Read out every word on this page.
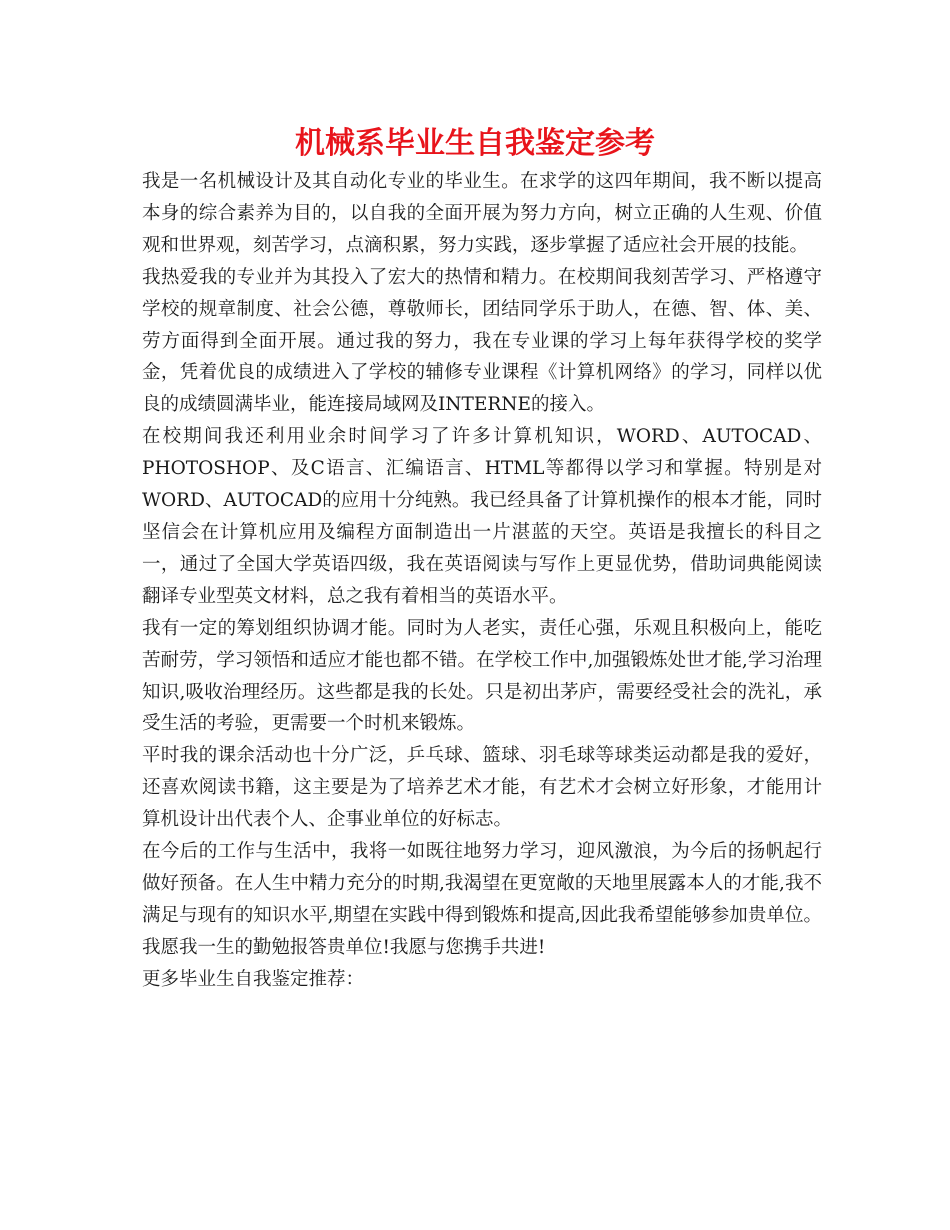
机械系毕业生自我鉴定参考

我是一名机械设计及其自动化专业的毕业生。在求学的这四年期间，我不断以提高本身的综合素养为目的，以自我的全面开展为努力方向，树立正确的人生观、价值观和世界观，刻苦学习，点滴积累，努力实践，逐步掌握了适应社会开展的技能。

我热爱我的专业并为其投入了宏大的热情和精力。在校期间我刻苦学习、严格遵守学校的规章制度、社会公德，尊敬师长，团结同学乐于助人，在德、智、体、美、劳方面得到全面开展。通过我的努力，我在专业课的学习上每年获得学校的奖学金，凭着优良的成绩进入了学校的辅修专业课程《计算机网络》的学习，同样以优良的成绩圆满毕业，能连接局域网及INTERNE的接入。

在校期间我还利用业余时间学习了许多计算机知识，WORD、AUTOCAD、PHOTOSHOP、及C语言、汇编语言、HTML等都得以学习和掌握。特别是对WORD、AUTOCAD的应用十分纯熟。我已经具备了计算机操作的根本才能，同时坚信会在计算机应用及编程方面制造出一片湛蓝的天空。英语是我擅长的科目之一，通过了全国大学英语四级，我在英语阅读与写作上更显优势，借助词典能阅读翻译专业型英文材料，总之我有着相当的英语水平。

我有一定的筹划组织协调才能。同时为人老实，责任心强，乐观且积极向上，能吃苦耐劳，学习领悟和适应才能也都不错。在学校工作中,加强锻炼处世才能,学习治理知识,吸收治理经历。这些都是我的长处。只是初出茅庐，需要经受社会的洗礼，承受生活的考验，更需要一个时机来锻炼。

平时我的课余活动也十分广泛，乒乓球、篮球、羽毛球等球类运动都是我的爱好，还喜欢阅读书籍，这主要是为了培养艺术才能，有艺术才会树立好形象，才能用计算机设计出代表个人、企事业单位的好标志。

在今后的工作与生活中，我将一如既往地努力学习，迎风激浪，为今后的扬帆起行做好预备。在人生中精力充分的时期,我渴望在更宽敞的天地里展露本人的才能,我不满足与现有的知识水平,期望在实践中得到锻炼和提高,因此我希望能够参加贵单位。我愿我一生的勤勉报答贵单位!我愿与您携手共进!

更多毕业生自我鉴定推荐：
